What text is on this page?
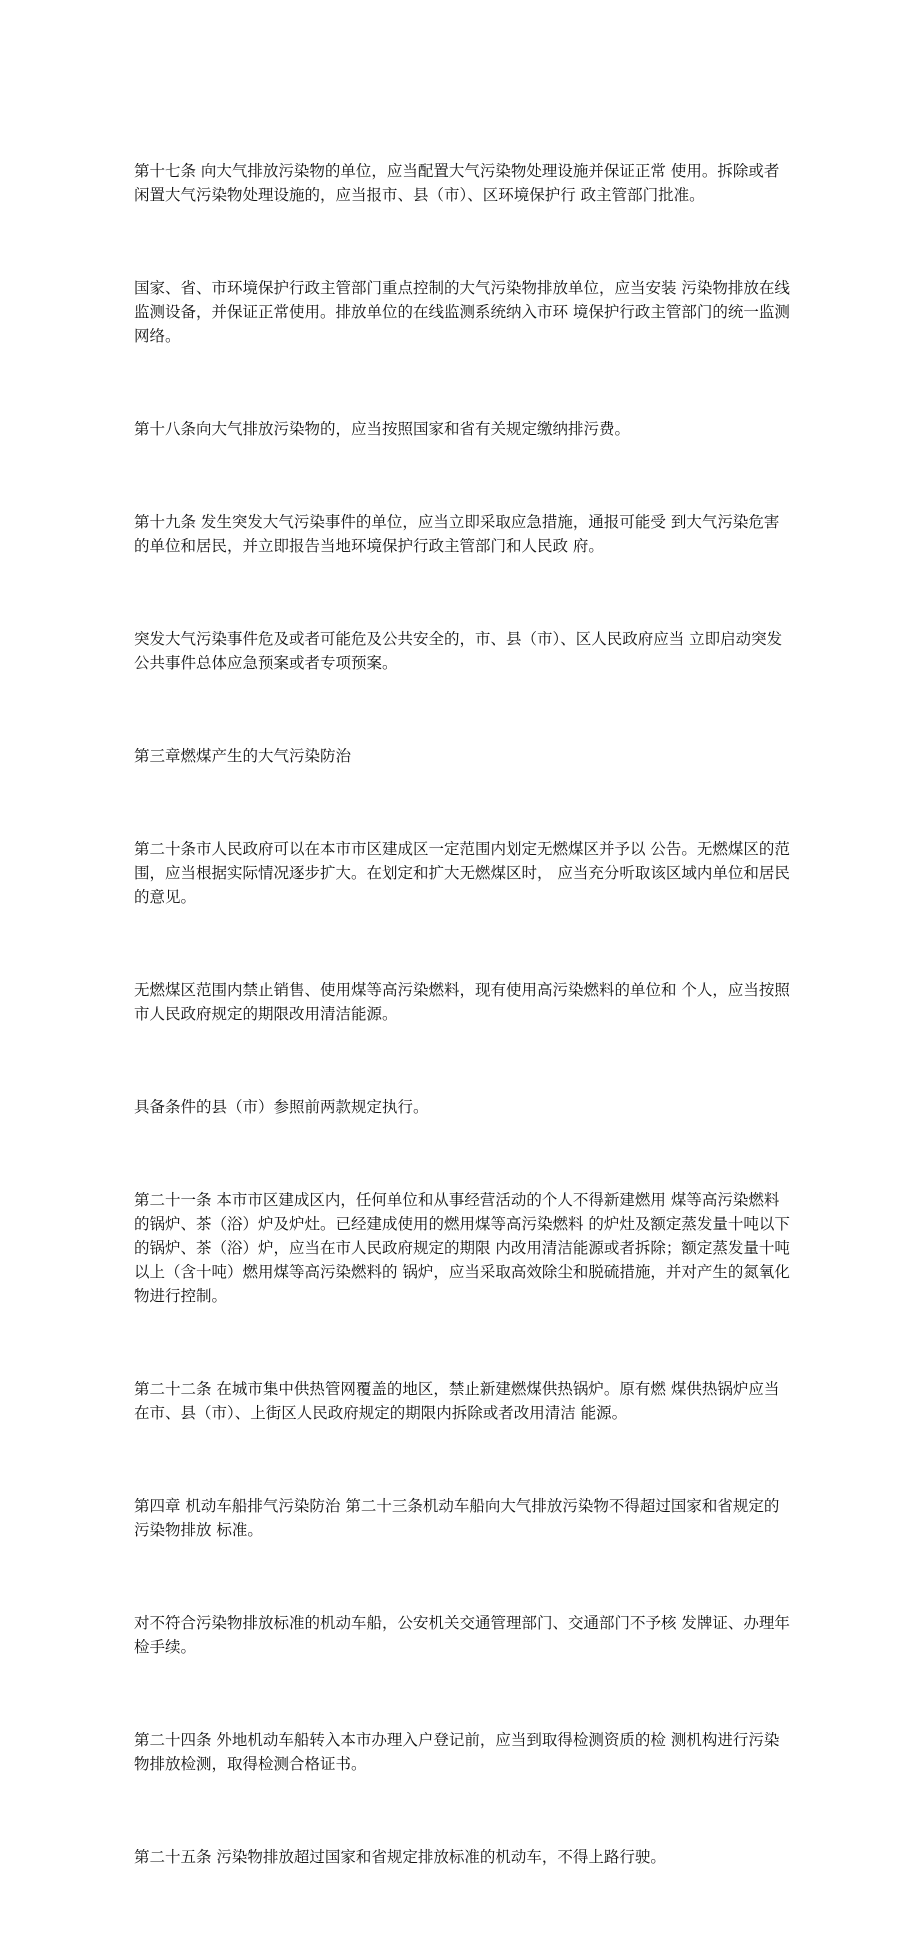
第十七条 向大气排放污染物的单位，应当配置大气污染物处理设施并保证正常 使用。拆除或者闲置大气污染物处理设施的，应当报市、县（市）、区环境保护行 政主管部门批准。

国家、省、市环境保护行政主管部门重点控制的大气污染物排放单位，应当安装 污染物排放在线监测设备，并保证正常使用。排放单位的在线监测系统纳入市环 境保护行政主管部门的统一监测网络。

第十八条向大气排放污染物的，应当按照国家和省有关规定缴纳排污费。

第十九条 发生突发大气污染事件的单位，应当立即采取应急措施，通报可能受 到大气污染危害的单位和居民，并立即报告当地环境保护行政主管部门和人民政 府。

突发大气污染事件危及或者可能危及公共安全的，市、县（市）、区人民政府应当 立即启动突发公共事件总体应急预案或者专项预案。

第三章燃煤产生的大气污染防治

第二十条市人民政府可以在本市市区建成区一定范围内划定无燃煤区并予以 公告。无燃煤区的范围，应当根据实际情况逐步扩大。在划定和扩大无燃煤区时， 应当充分听取该区域内单位和居民的意见。

无燃煤区范围内禁止销售、使用煤等高污染燃料，现有使用高污染燃料的单位和 个人，应当按照市人民政府规定的期限改用清洁能源。

具备条件的县（市）参照前两款规定执行。

第二十一条 本市市区建成区内，任何单位和从事经营活动的个人不得新建燃用 煤等高污染燃料的锅炉、茶（浴）炉及炉灶。已经建成使用的燃用煤等高污染燃料 的炉灶及额定蒸发量十吨以下的锅炉、茶（浴）炉，应当在市人民政府规定的期限 内改用清洁能源或者拆除；额定蒸发量十吨以上（含十吨）燃用煤等高污染燃料的 锅炉，应当采取高效除尘和脱硫措施，并对产生的氮氧化物进行控制。

第二十二条 在城市集中供热管网覆盖的地区，禁止新建燃煤供热锅炉。原有燃 煤供热锅炉应当在市、县（市）、上街区人民政府规定的期限内拆除或者改用清洁 能源。

第四章 机动车船排气污染防治 第二十三条机动车船向大气排放污染物不得超过国家和省规定的污染物排放 标准。

对不符合污染物排放标准的机动车船，公安机关交通管理部门、交通部门不予核 发牌证、办理年检手续。

第二十四条 外地机动车船转入本市办理入户登记前，应当到取得检测资质的检 测机构进行污染物排放检测，取得检测合格证书。

第二十五条 污染物排放超过国家和省规定排放标准的机动车，不得上路行驶。
